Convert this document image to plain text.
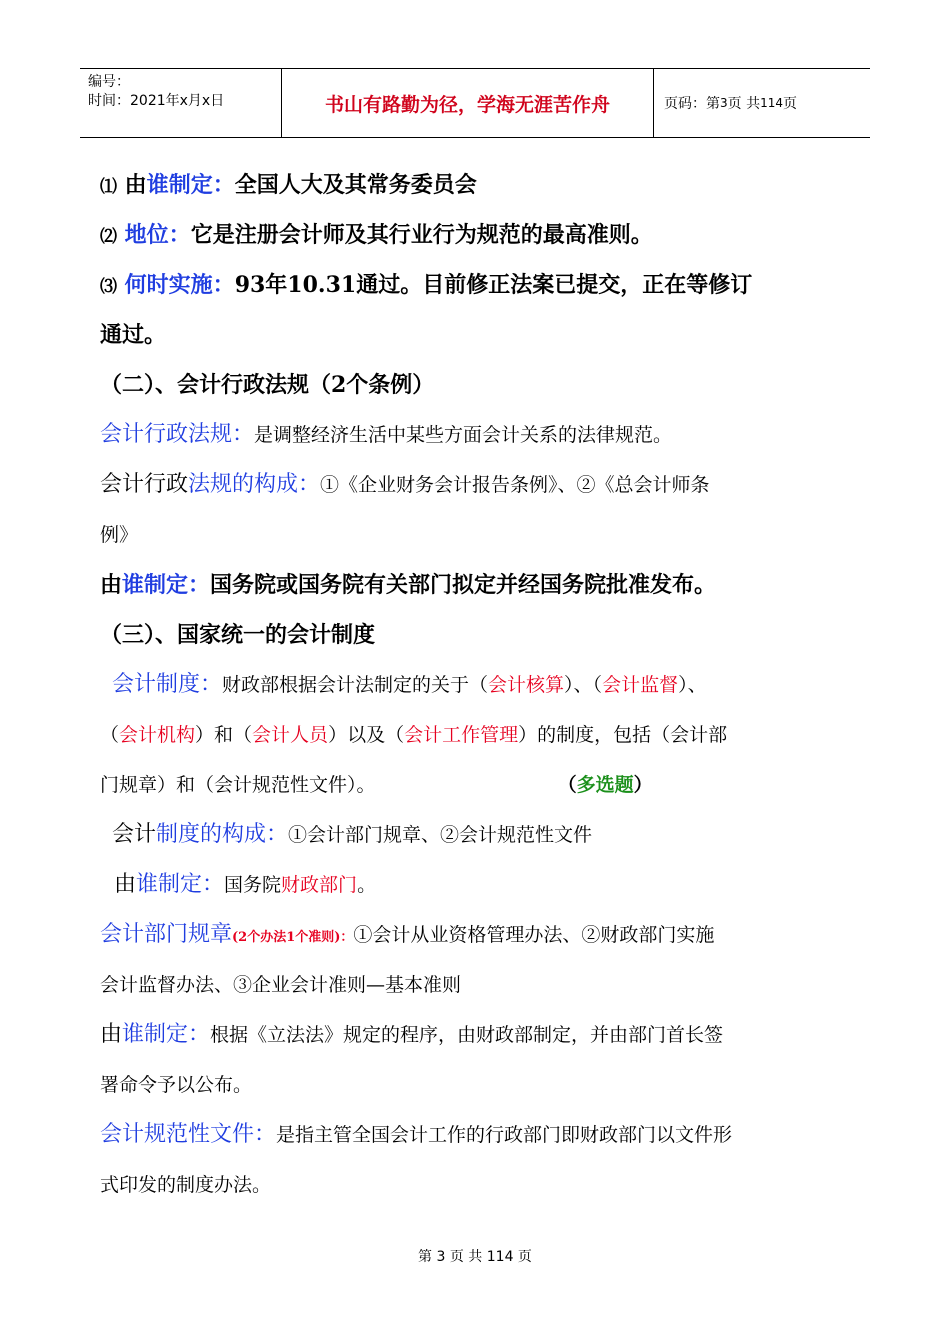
编号：
时间：2021年x月x日	书山有路勤为径，学海无涯苦作舟	页码：第 3 页 共 114 页
⑴ 由谁制定：全国人大及其常务委员会
⑵ 地位：它是注册会计师及其行业行为规范的最高准则。
⑶ 何时实施：93年10.31通过。目前修正法案已提交，正在等修订
通过。
（二）、会计行政法规（2个条例）
会计行政法规：是调整经济生活中某些方面会计关系的法律规范。
会计行政法规的构成：①《企业财务会计报告条例》、②《总会计师条
例》
由谁制定：国务院或国务院有关部门拟定并经国务院批准发布。
（三）、国家统一的会计制度
会计制度：财政部根据会计法制定的关于（会计核算）、（会计监督）、
（会计机构）和（会计人员）以及（会计工作管理）的制度，包括（会计部
门规章）和（会计规范性文件）。	（多选题）
会计制度的构成：①会计部门规章、②会计规范性文件
由谁制定：国务院财政部门。
会计部门规章(2个办法1个准则)：①会计从业资格管理办法、②财政部门实施
会计监督办法、③企业会计准则—基本准则
由谁制定：根据《立法法》规定的程序，由财政部制定，并由部门首长签
署命令予以公布。
会计规范性文件：是指主管全国会计工作的行政部门即财政部门以文件形
式印发的制度办法。
第 3 页 共 114 页
